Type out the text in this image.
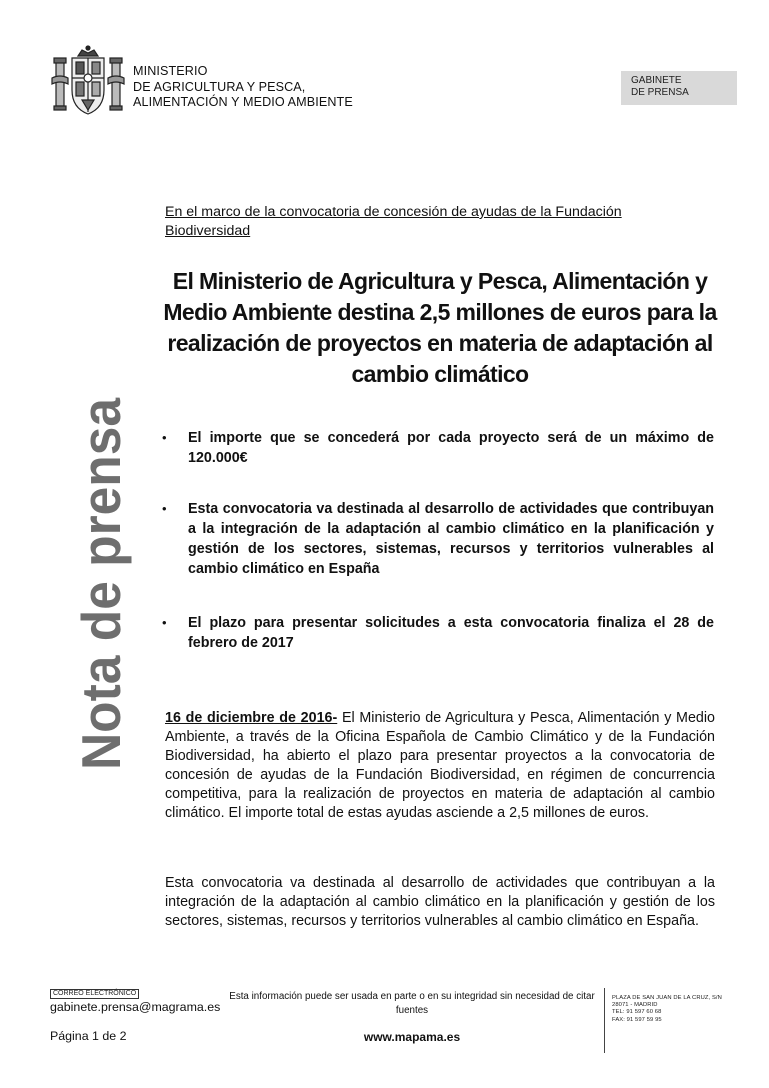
MINISTERIO
DE AGRICULTURA Y PESCA,
ALIMENTACIÓN Y MEDIO AMBIENTE
GABINETE
DE PRENSA
Nota de prensa
En el marco de la convocatoria de concesión de ayudas de la Fundación Biodiversidad
El Ministerio de Agricultura y Pesca, Alimentación y Medio Ambiente destina 2,5 millones de euros para la realización de proyectos en materia de adaptación al cambio climático
• El importe que se concederá por cada proyecto será de un máximo de 120.000€
• Esta convocatoria va destinada al desarrollo de actividades que contribuyan a la integración de la adaptación al cambio climático en la planificación y gestión de los sectores, sistemas, recursos y territorios vulnerables al cambio climático en España
• El plazo para presentar solicitudes a esta convocatoria finaliza el 28 de febrero de 2017
16 de diciembre de 2016- El Ministerio de Agricultura y Pesca, Alimentación y Medio Ambiente, a través de la Oficina Española de Cambio Climático y de la Fundación Biodiversidad, ha abierto el plazo para presentar proyectos a la convocatoria de concesión de ayudas de la Fundación Biodiversidad, en régimen de concurrencia competitiva, para la realización de proyectos en materia de adaptación al cambio climático. El importe total de estas ayudas asciende a 2,5 millones de euros.
Esta convocatoria va destinada al desarrollo de actividades que contribuyan a la integración de la adaptación al cambio climático en la planificación y gestión de los sectores, sistemas, recursos y territorios vulnerables al cambio climático en España.
CORREO ELECTRÓNICO
gabinete.prensa@magrama.es
Página 1 de 2
Esta información puede ser usada en parte o en su integridad sin necesidad de citar fuentes
www.mapama.es
PLAZA DE SAN JUAN DE LA CRUZ, S/N
28071 - MADRID
TEL: 91 597 60 68
FAX: 91 597 59 95
